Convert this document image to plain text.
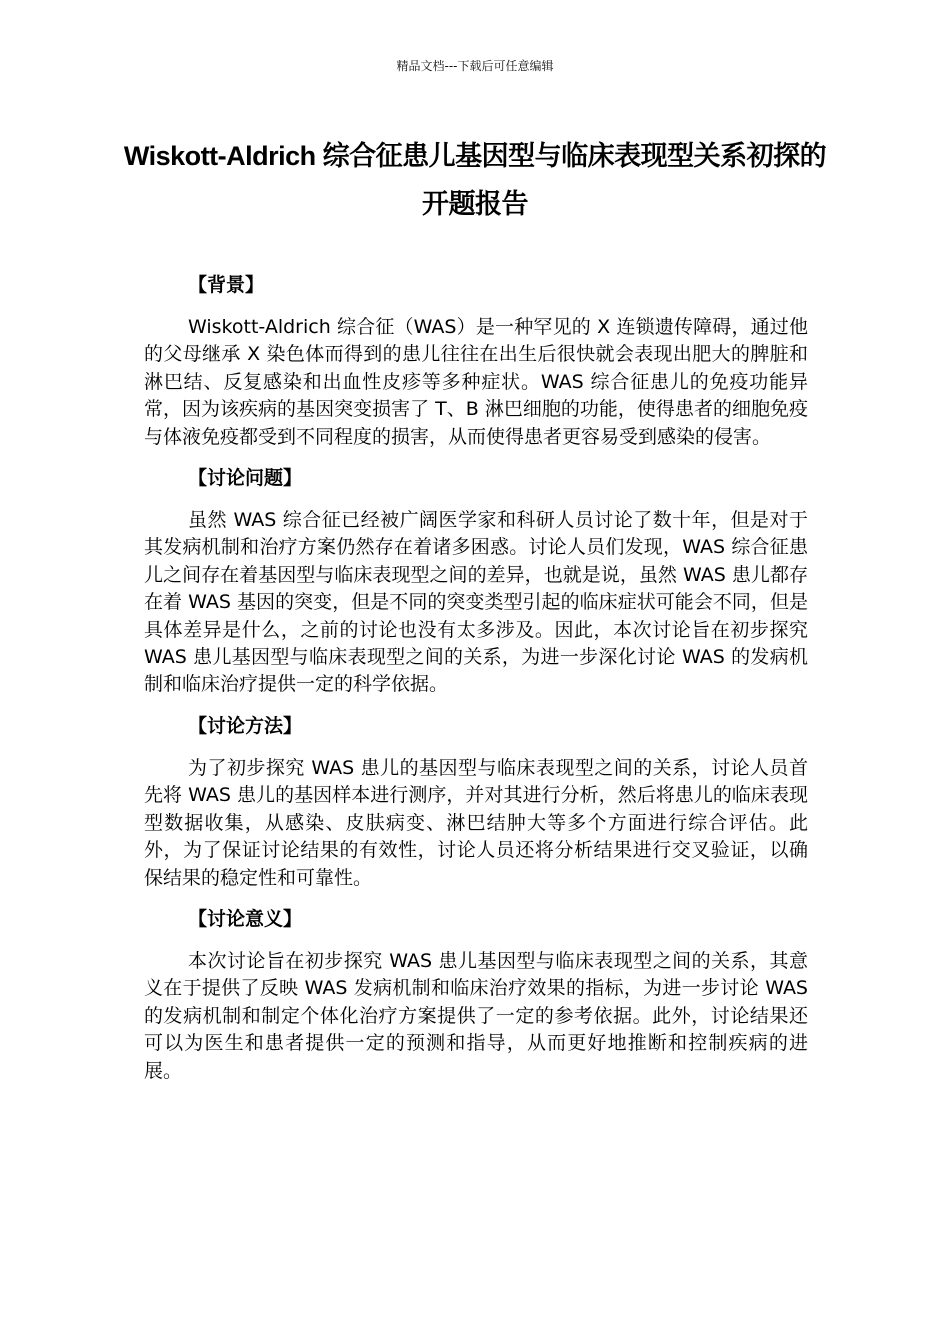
精品文档---下载后可任意编辑
Wiskott-Aldrich 综合征患儿基因型与临床表现型关系初探的开题报告
【背景】

Wiskott-Aldrich 综合征（WAS）是一种罕见的 X 连锁遗传障碍，通过他的父母继承 X 染色体而得到的患儿往往在出生后很快就会表现出肥大的脾脏和淋巴结、反复感染和出血性皮疹等多种症状。WAS 综合征患儿的免疫功能异常，因为该疾病的基因突变损害了 T、B 淋巴细胞的功能，使得患者的细胞免疫与体液免疫都受到不同程度的损害，从而使得患者更容易受到感染的侵害。

【讨论问题】

虽然 WAS 综合征已经被广阔医学家和科研人员讨论了数十年，但是对于其发病机制和治疗方案仍然存在着诸多困惑。讨论人员们发现，WAS 综合征患儿之间存在着基因型与临床表现型之间的差异，也就是说，虽然 WAS 患儿都存在着 WAS 基因的突变，但是不同的突变类型引起的临床症状可能会不同，但是具体差异是什么，之前的讨论也没有太多涉及。因此，本次讨论旨在初步探究 WAS 患儿基因型与临床表现型之间的关系，为进一步深化讨论 WAS 的发病机制和临床治疗提供一定的科学依据。

【讨论方法】

为了初步探究 WAS 患儿的基因型与临床表现型之间的关系，讨论人员首先将 WAS 患儿的基因样本进行测序，并对其进行分析，然后将患儿的临床表现型数据收集，从感染、皮肤病变、淋巴结肿大等多个方面进行综合评估。此外，为了保证讨论结果的有效性，讨论人员还将分析结果进行交叉验证，以确保结果的稳定性和可靠性。

【讨论意义】

本次讨论旨在初步探究 WAS 患儿基因型与临床表现型之间的关系，其意义在于提供了反映 WAS 发病机制和临床治疗效果的指标，为进一步讨论 WAS 的发病机制和制定个体化治疗方案提供了一定的参考依据。此外，讨论结果还可以为医生和患者提供一定的预测和指导，从而更好地推断和控制疾病的进展。
